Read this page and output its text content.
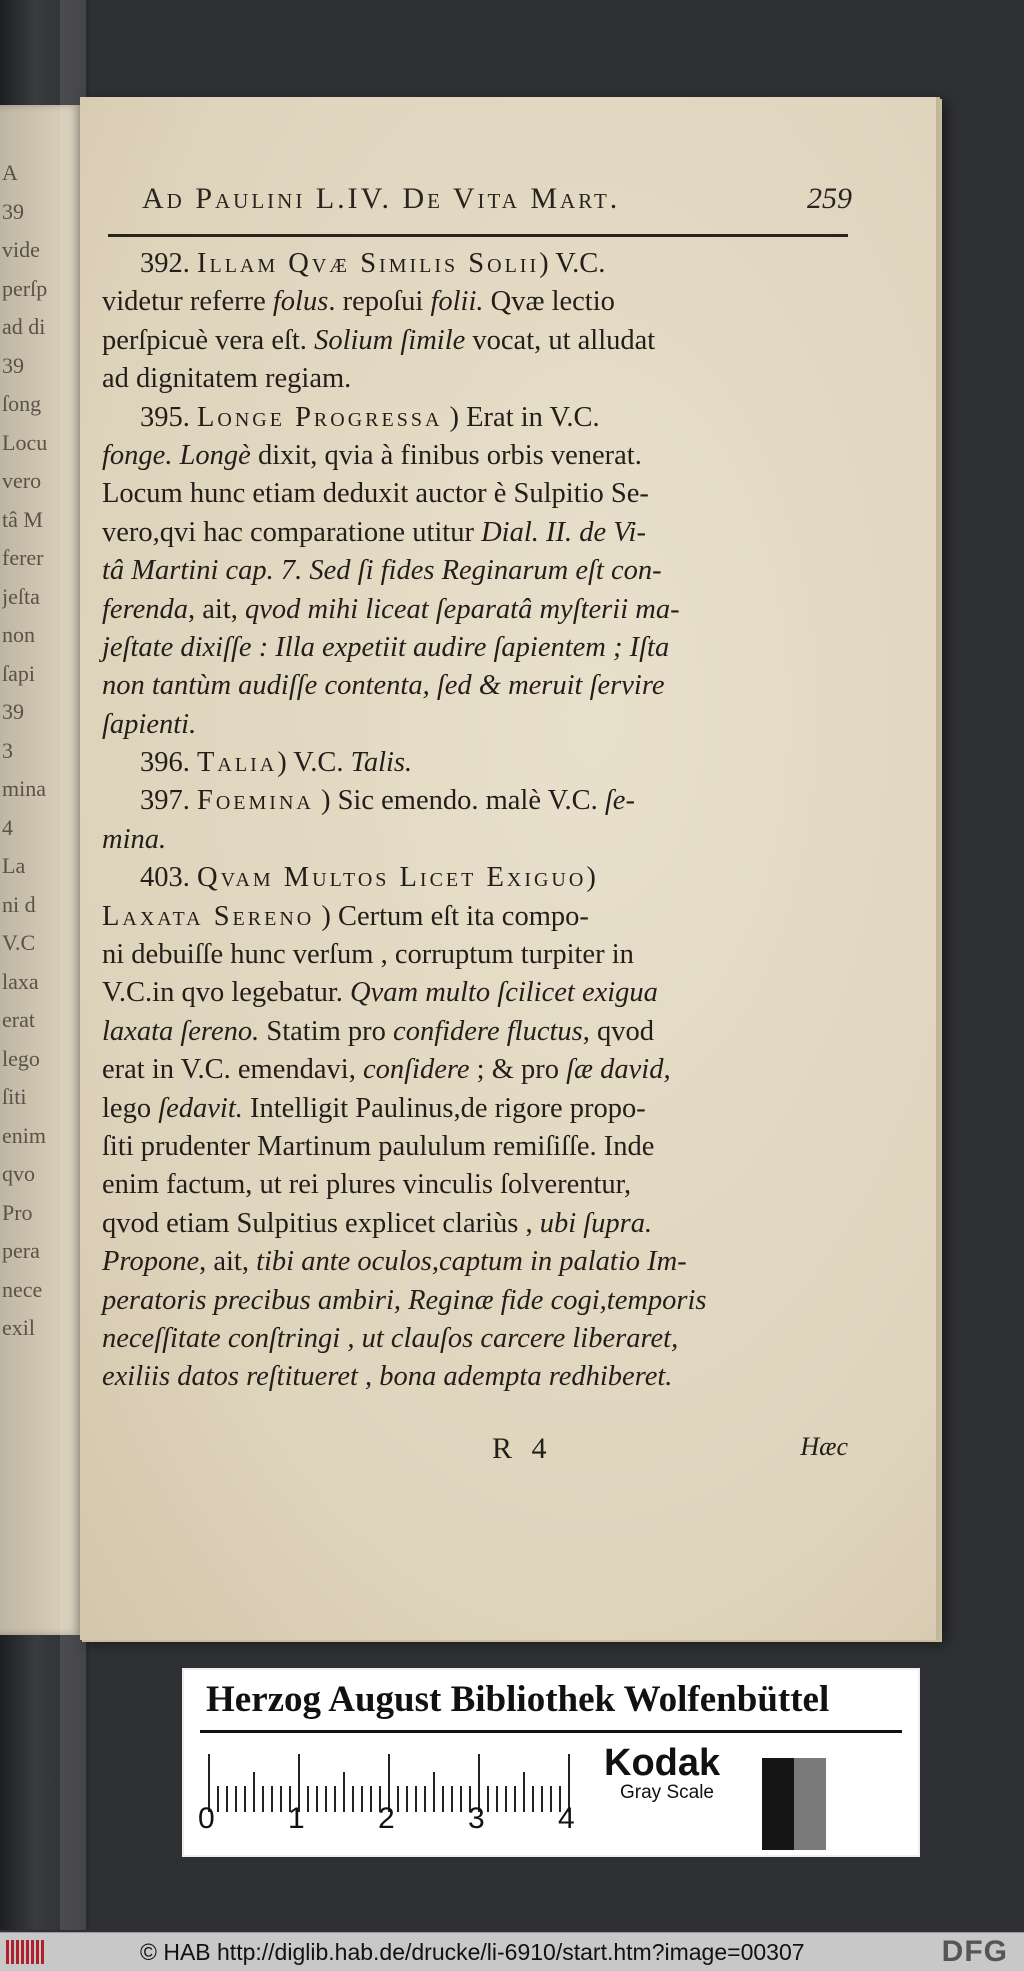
A
39
vide
perſp
ad di
39
ſong
Locu
vero
tâ M
ferer
jeſta
non
ſapi
39
3
mina
4
La
ni d
V.C
laxa
erat
lego
ſiti
enim
qvo
Pro
pera
nece
exil
Ad Paulini L.IV. De Vita Mart.	259
392. Illam Qvæ Similis Solii) V.C.
videtur referre folus. repoſui folii. Qvæ lectio
perſpicuè vera eſt. Solium ſimile vocat, ut alludat
ad dignitatem regiam.
395. Longe Progressa ) Erat in V.C.
fonge. Longè dixit, qvia à finibus orbis venerat.
Locum hunc etiam deduxit auctor è Sulpitio Se-
vero,qvi hac comparatione utitur Dial. II. de Vi-
tâ Martini cap. 7. Sed ſi fides Reginarum eſt con-
ferenda, ait, qvod mihi liceat ſeparatâ myſterii ma-
jeſtate dixiſſe : Illa expetiit audire ſapientem ; Iſta
non tantùm audiſſe contenta, ſed & meruit ſervire
ſapienti.
396. Talia) V.C. Talis.
397. Foemina ) Sic emendo. malè V.C. ſe-
mina.
403. Qvam Multos Licet Exiguo)
Laxata Sereno ) Certum eſt ita compo-
ni debuiſſe hunc verſum , corruptum turpiter in
V.C.in qvo legebatur. Qvam multo ſcilicet exigua
laxata ſereno. Statim pro confidere fluctus, qvod
erat in V.C. emendavi, conſidere ; & pro ſæ david,
lego ſedavit. Intelligit Paulinus,de rigore propo-
ſiti prudenter Martinum paululum remiſiſſe. Inde
enim factum, ut rei plures vinculis ſolverentur,
qvod etiam Sulpitius explicet clariùs , ubi ſupra.
Propone, ait, tibi ante oculos,captum in palatio Im-
peratoris precibus ambiri, Reginæ fide cogi,temporis
neceſſitate conſtringi , ut clauſos carcere liberaret,
exiliis datos reſtitueret , bona adempta redhiberet.
R 4	Hæc
Herzog August Bibliothek Wolfenbüttel
0 1 2 3 4
Kodak
Gray Scale
© HAB http://diglib.hab.de/drucke/li-6910/start.htm?image=00307	DFG
